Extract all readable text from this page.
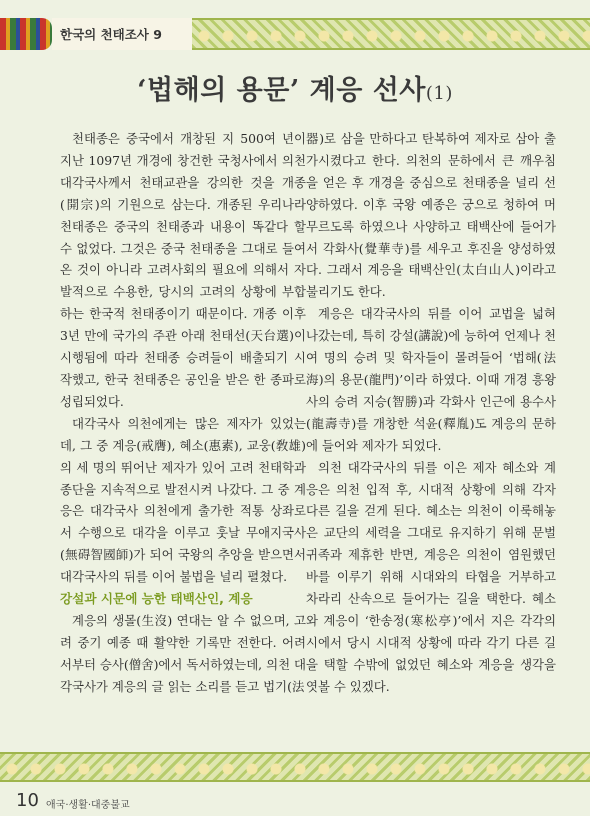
한국의 천태조사 9
‘법해의 용문’ 계응 선사(1)

천태종은 중국에서 개창된 지 500여 년이 지난 1097년 개경에 창건한 국청사에서 의천 대각국사께서 천태교관을 강의한 것을 개종(開宗)의 기원으로 삼는다. 개종된 우리나라 천태종은 중국의 천태종과 내용이 똑같다 할 수 없었다. 그것은 중국 천태종을 그대로 들여온 것이 아니라 고려사회의 필요에 의해서 자발적으로 수용한, 당시의 고려의 상황에 부합하는 한국적 천태종이기 때문이다. 개종 이후 3년 만에 국가의 주관 아래 천태선(天台選)이 시행됨에 따라 천태종 승려들이 배출되기 시작했고, 한국 천태종은 공인을 받은 한 종파로 성립되었다.

대각국사 의천에게는 많은 제자가 있었는데, 그 중 계응(戒膺), 혜소(惠素), 교웅(敎雄)의 세 명의 뛰어난 제자가 있어 고려 천태학과 종단을 지속적으로 발전시켜 나갔다. 그 중 계응은 대각국사 의천에게 출가한 적통 상좌로서 수행으로 대각을 이루고 훗날 무애지국사(無碍智國師)가 되어 국왕의 추앙을 받으면서 대각국사의 뒤를 이어 불법을 널리 펼쳤다.

강설과 시문에 능한 태백산인, 계응

계응의 생몰(生沒) 연대는 알 수 없으며, 고려 중기 예종 때 활약한 기록만 전한다. 어려서부터 승사(僧舍)에서 독서하였는데, 의천 대각국사가 계응의 글 읽는 소리를 듣고 법기(法

器)로 삼을 만하다고 탄복하여 제자로 삼아 출가시켰다고 한다. 의천의 문하에서 큰 깨우침을 얻은 후 개경을 중심으로 천태종을 널리 선양하였다. 이후 국왕 예종은 궁으로 청하여 머무르도록 하였으나 사양하고 태백산에 들어가서 각화사(覺華寺)를 세우고 후진을 양성하였다. 그래서 계응을 태백산인(太白山人)이라고 불리기도 한다.

계응은 대각국사의 뒤를 이어 교법을 넓혀 나갔는데, 특히 강설(講說)에 능하여 언제나 천여 명의 승려 및 학자들이 몰려들어 ‘법해(法海)의 용문(龍門)’이라 하였다. 이때 개경 흥왕사의 승려 지승(智勝)과 각화사 인근에 용수사(龍壽寺)를 개창한 석윤(釋胤)도 계응의 문하에 들어와 제자가 되었다.

의천 대각국사의 뒤를 이은 제자 혜소와 계응은 의천 입적 후, 시대적 상황에 의해 각자 다른 길을 걷게 된다. 혜소는 의천이 이룩해놓은 교단의 세력을 그대로 유지하기 위해 문벌 귀족과 제휴한 반면, 계응은 의천이 염원했던 바를 이루기 위해 시대와의 타협을 거부하고 차라리 산속으로 들어가는 길을 택한다. 혜소와 계응이 ‘한송정(寒松亭)’에서 지은 각각의 시에서 당시 시대적 상황에 따라 각기 다른 길을 택할 수밖에 없었던 혜소와 계응을 생각을 엿볼 수 있겠다.

10 애국·생활·대중불교
